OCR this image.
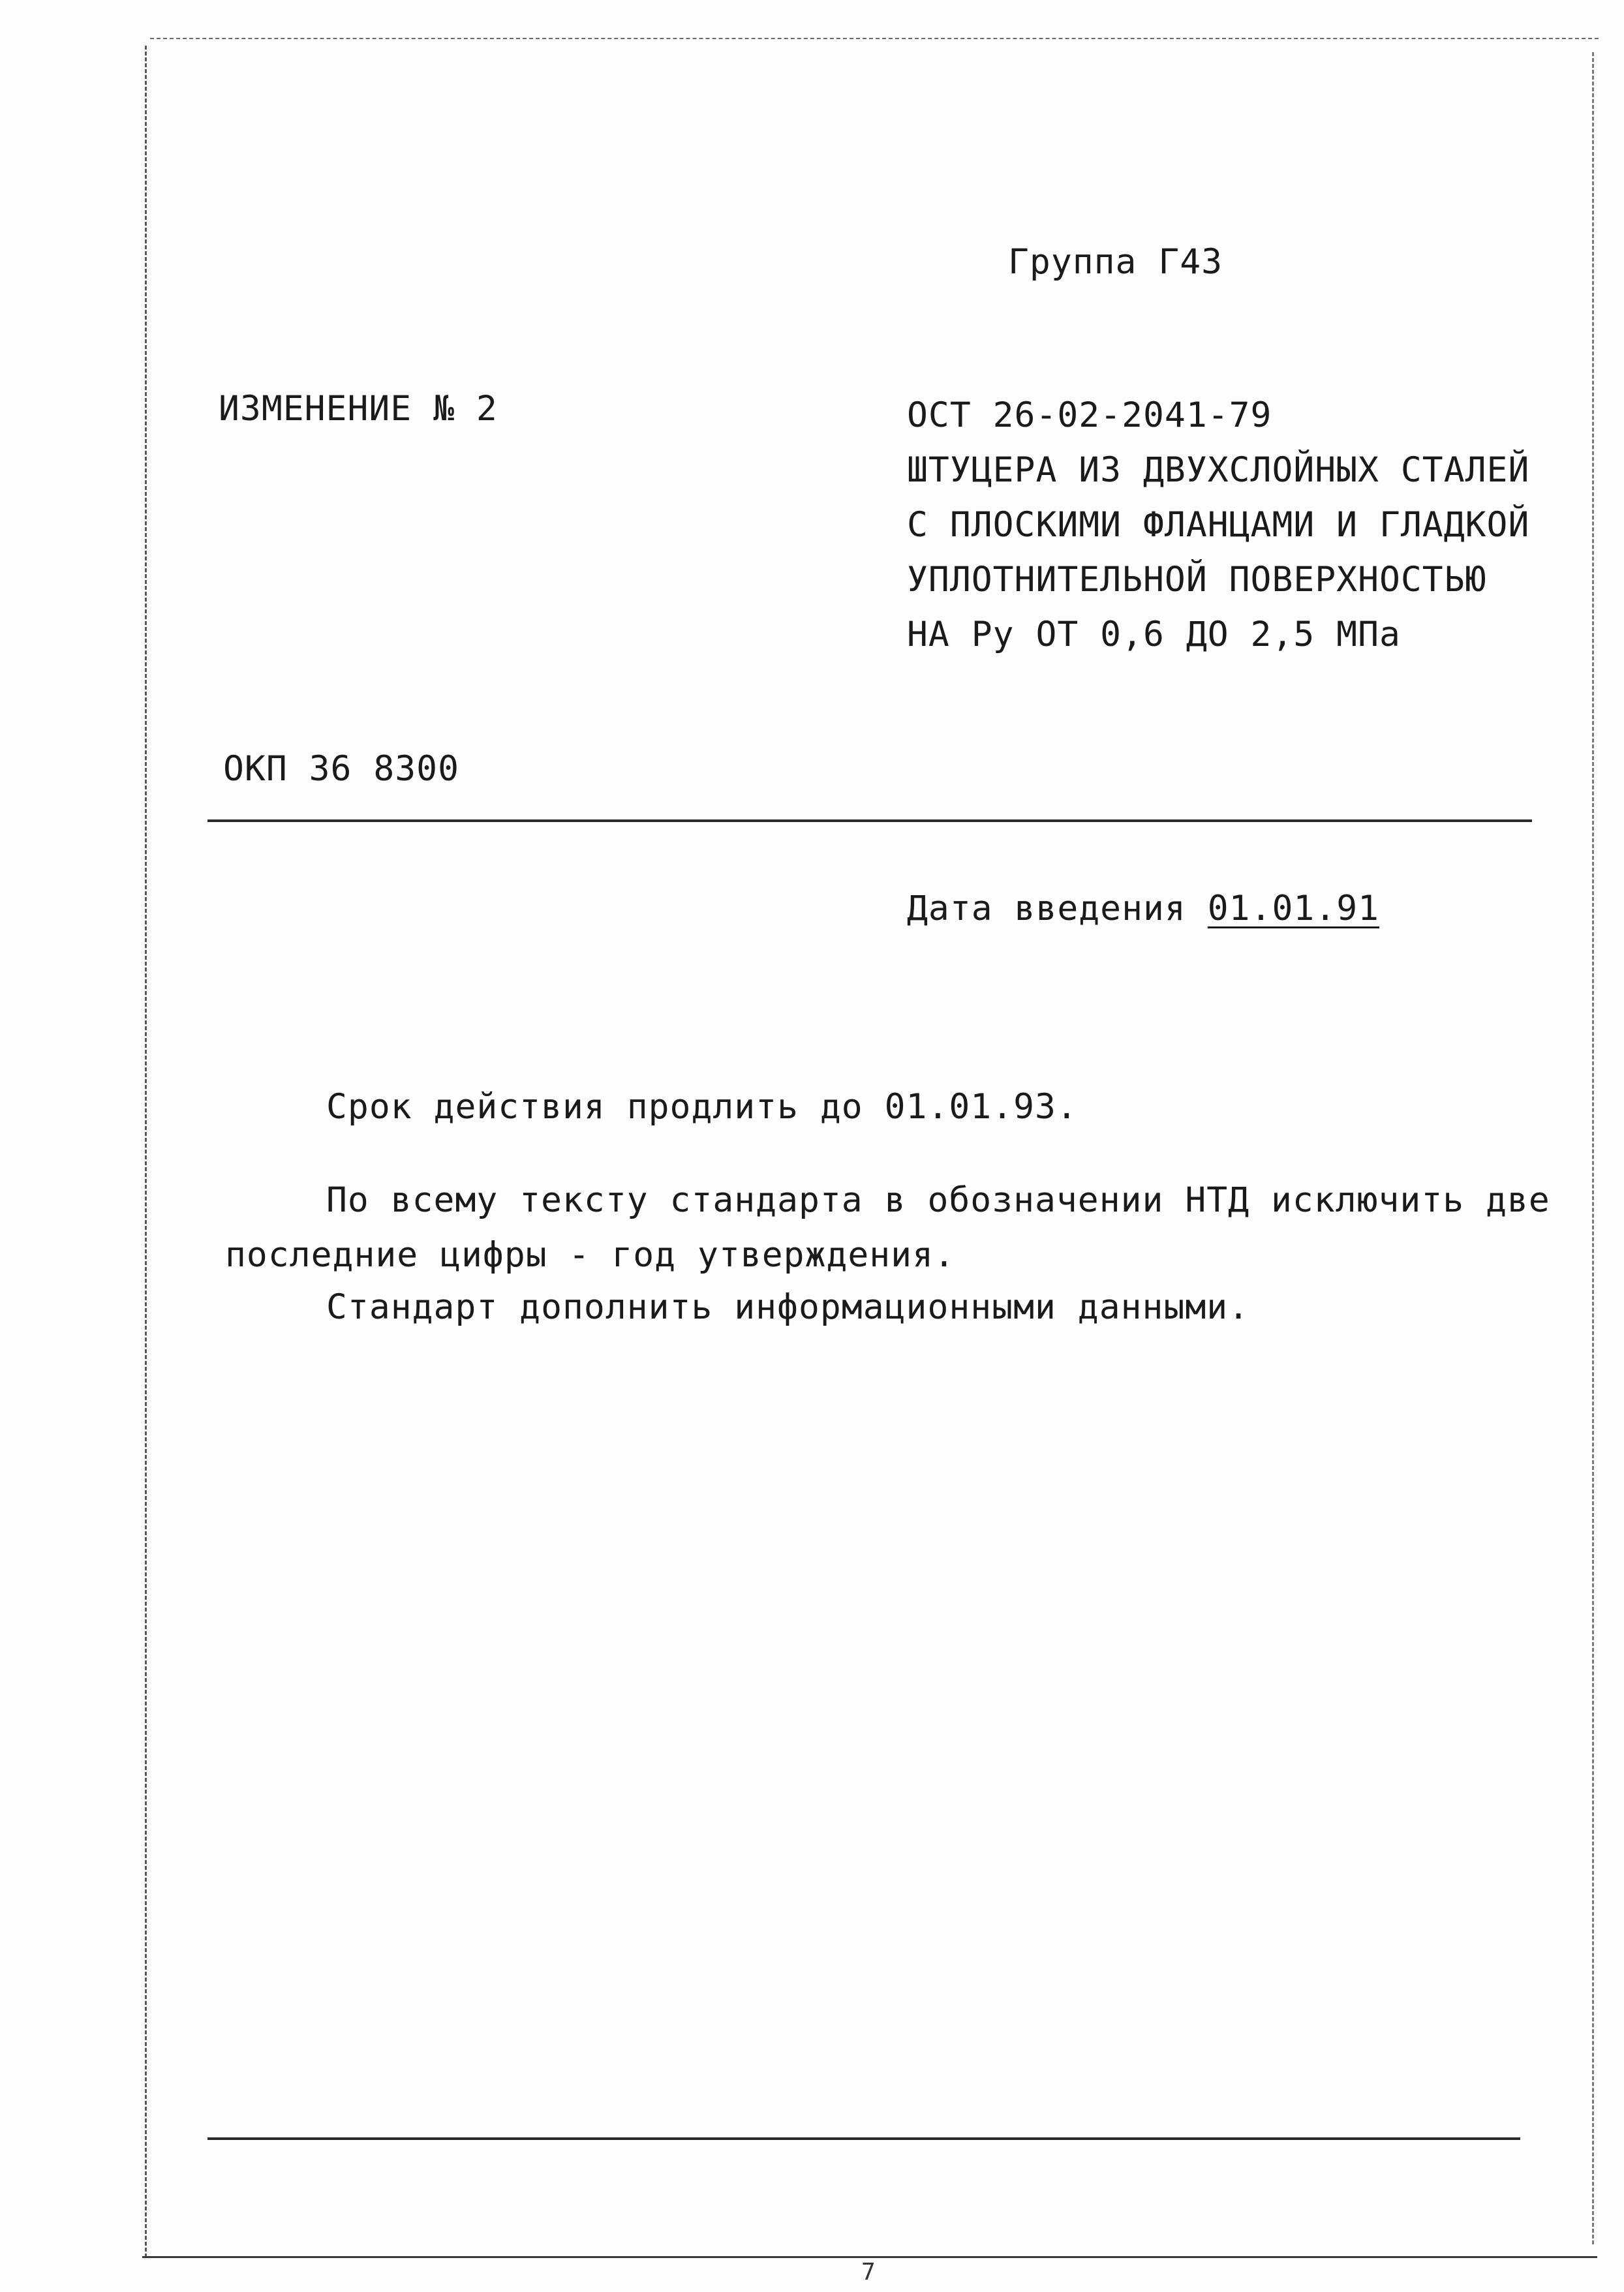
Группа Г43
ИЗМЕНЕНИЕ № 2	ОСТ 26-02-2041-79
ШТУЦЕРА ИЗ ДВУХСЛОЙНЫХ СТАЛЕЙ
С ПЛОСКИМИ ФЛАНЦАМИ И ГЛАДКОЙ
УПЛОТНИТЕЛЬНОЙ ПОВЕРХНОСТЬЮ
НА Ру ОТ 0,6 ДО 2,5 МПа
ОКП 36 8300
Дата введения 01.01.91
Срок действия продлить до 01.01.93.
По всему тексту стандарта в обозначении НТД исключить две
последние цифры - год утверждения.
Стандарт дополнить информационными данными.
7
